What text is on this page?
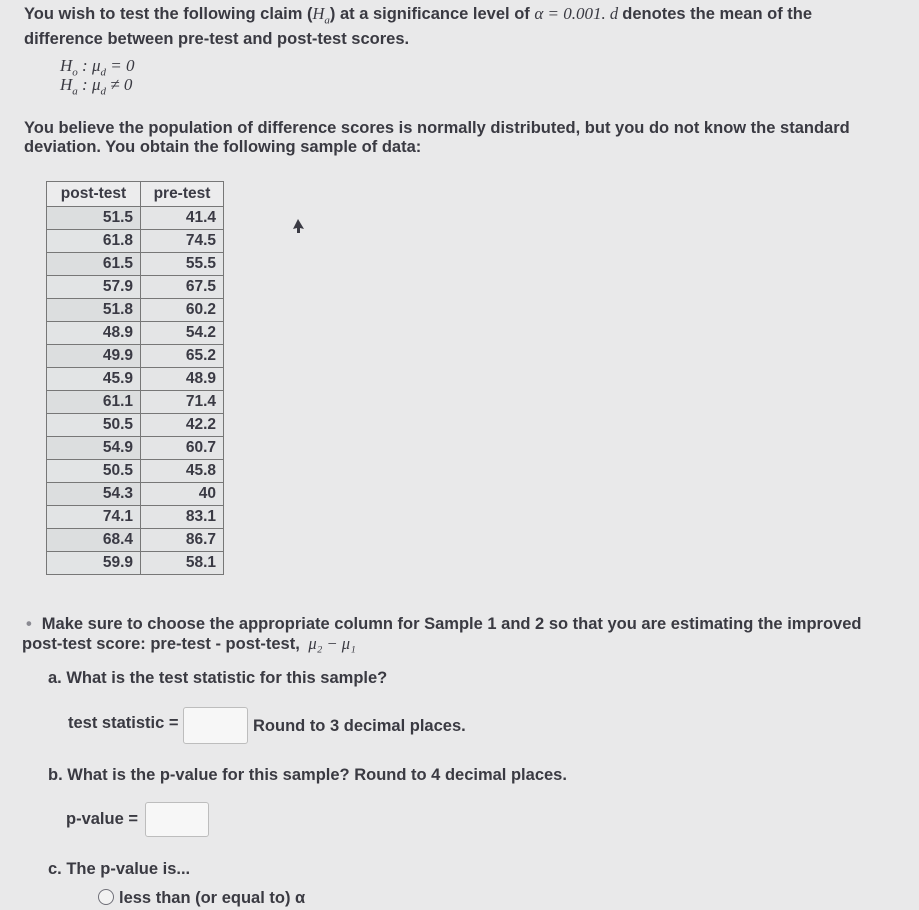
You wish to test the following claim $(H_a)$ at a significance level of α = 0.001. d denotes the mean of the
difference between pre-test and post-test scores.
$H_o$ : $\mu_d = 0$
$H_a$ : $\mu_d \ne 0$
You believe the population of difference scores is normally distributed, but you do not know the standard
deviation. You obtain the following sample of data:
post-test	pre-test
51.5	41.4
61.8	74.5
61.5	55.5
57.9	67.5
51.8	60.2
48.9	54.2
49.9	65.2
45.9	48.9
61.1	71.4
50.5	42.2
54.9	60.7
50.5	45.8
54.3	40
74.1	83.1
68.4	86.7
59.9	58.1
• Make sure to choose the appropriate column for Sample 1 and 2 so that you are estimating the improved
post-test score: pre-test - post-test, μ₂ − μ₁
a. What is the test statistic for this sample?
test statistic =	Round to 3 decimal places.
b. What is the p-value for this sample? Round to 4 decimal places.
p-value =
c. The p-value is...
less than (or equal to) α
